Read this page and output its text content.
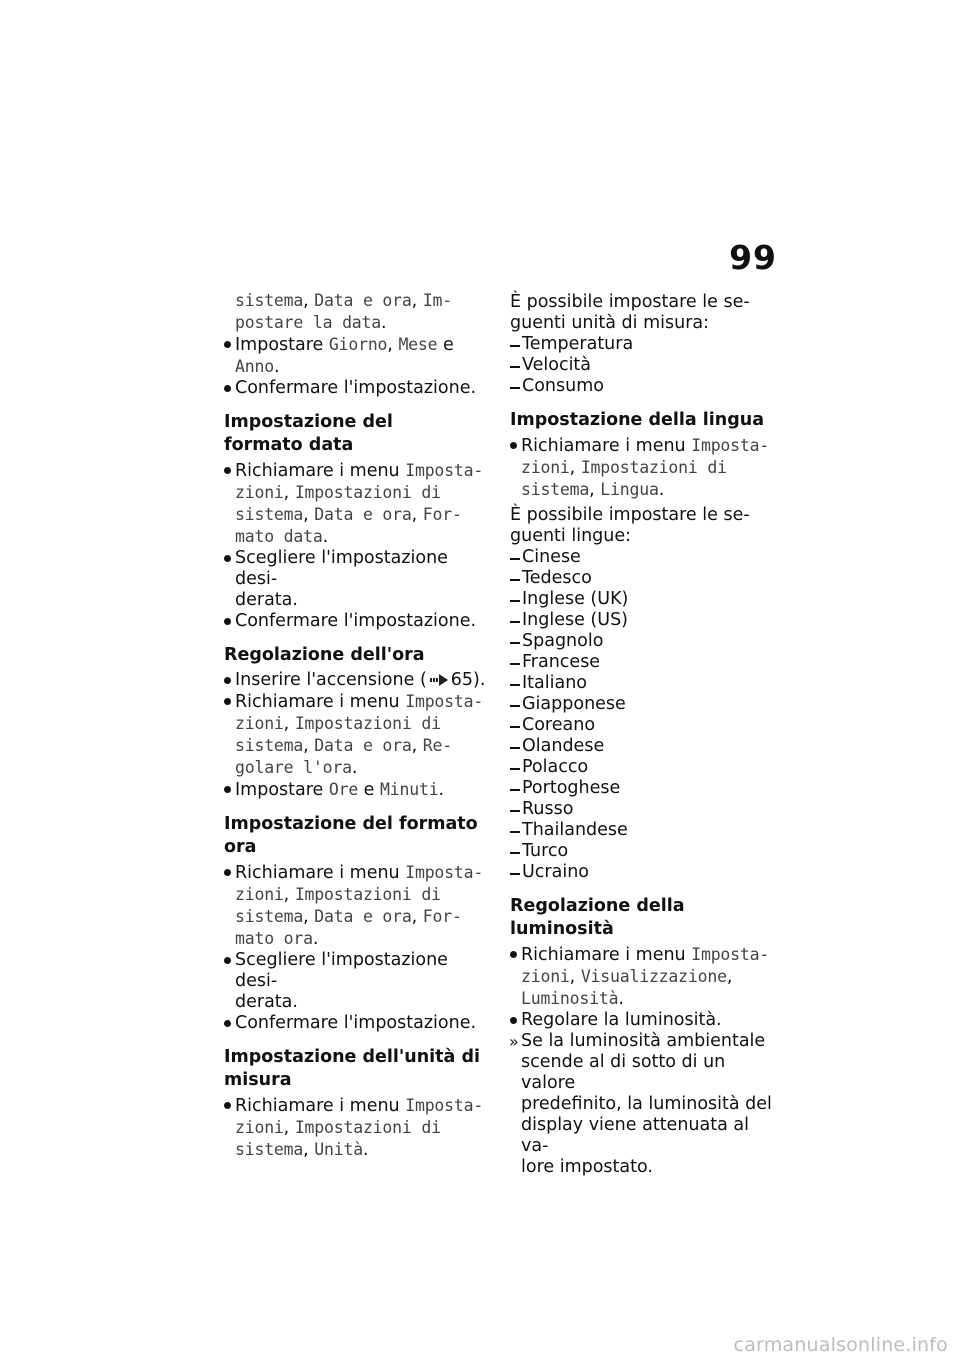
99

sistema, Data e ora, Im-
postare la data.

Impostare Giorno, Mese e
Anno.

Confermare l'impostazione.

Impostazione del formato data

Richiamare i menu Imposta-
zioni, Impostazioni di
sistema, Data e ora, For-
mato data.

Scegliere l'impostazione desi-
derata.

Confermare l'impostazione.

Regolazione dell'ora

Inserire l'accensione ( 65).

Richiamare i menu Imposta-
zioni, Impostazioni di
sistema, Data e ora, Re-
golare l'ora.

Impostare Ore e Minuti.

Impostazione del formato ora

Richiamare i menu Imposta-
zioni, Impostazioni di
sistema, Data e ora, For-
mato ora.

Scegliere l'impostazione desi-
derata.

Confermare l'impostazione.

Impostazione dell'unità di
misura

Richiamare i menu Imposta-
zioni, Impostazioni di
sistema, Unità.

È possibile impostare le se-
guenti unità di misura:

Temperatura

Velocità

Consumo

Impostazione della lingua

Richiamare i menu Imposta-
zioni, Impostazioni di
sistema, Lingua.

È possibile impostare le se-
guenti lingue:

Cinese

Tedesco

Inglese (UK)

Inglese (US)

Spagnolo

Francese

Italiano

Giapponese

Coreano

Olandese

Polacco

Portoghese

Russo

Thailandese

Turco

Ucraino

Regolazione della luminosità

Richiamare i menu Imposta-
zioni, Visualizzazione,
Luminosità.

Regolare la luminosità.

» Se la luminosità ambientale
scende al di sotto di un valore
predefinito, la luminosità del
display viene attenuata al va-
lore impostato.

carmanualsonline.info
